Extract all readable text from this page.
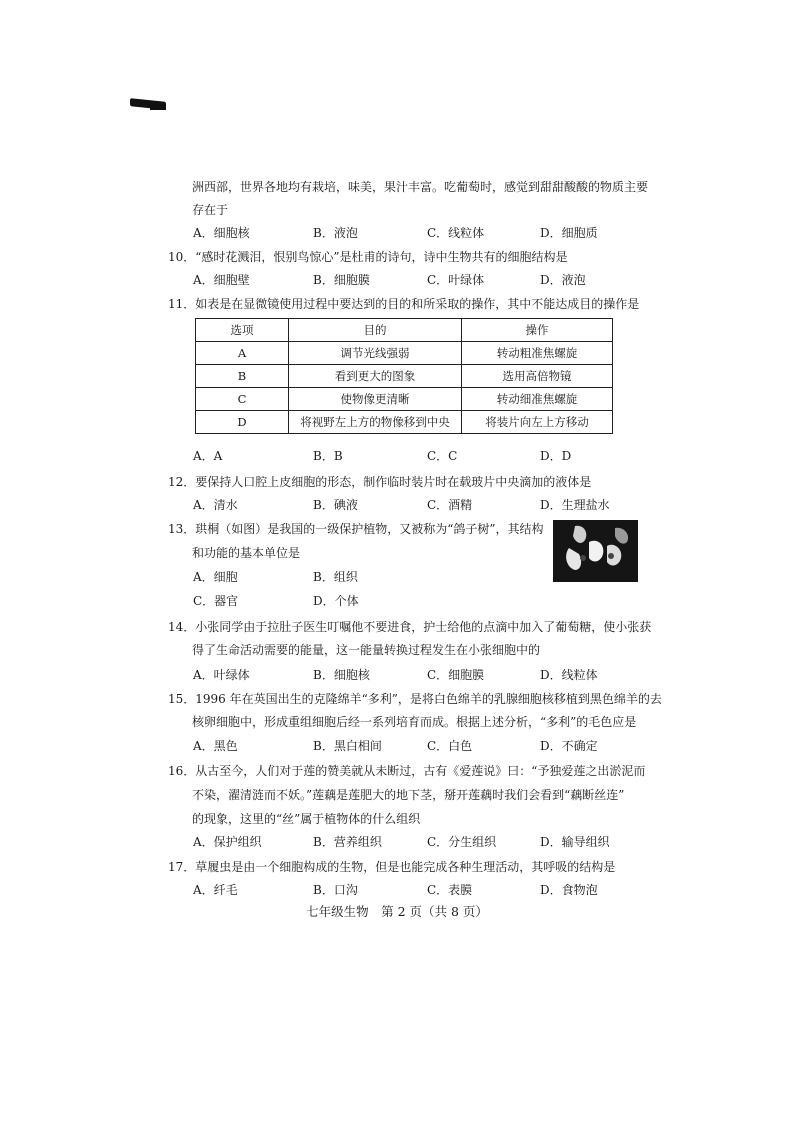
洲西部，世界各地均有栽培，味美，果汁丰富。吃葡萄时，感觉到甜甜酸酸的物质主要
存在于
A．细胞核	B．液泡	C．线粒体	D．细胞质
10．“感时花溅泪，恨别鸟惊心”是杜甫的诗句，诗中生物共有的细胞结构是
A．细胞壁	B．细胞膜	C．叶绿体	D．液泡
11．如表是在显微镜使用过程中要达到的目的和所采取的操作，其中不能达成目的操作是
选项	目的	操作
A	调节光线强弱	转动粗准焦螺旋
B	看到更大的图象	选用高倍物镜
C	使物像更清晰	转动细准焦螺旋
D	将视野左上方的物像移到中央	将装片向左上方移动
A．A	B．B	C．C	D．D
12．要保持人口腔上皮细胞的形态，制作临时装片时在载玻片中央滴加的液体是
A．清水	B．碘液	C．酒精	D．生理盐水
13．珙桐（如图）是我国的一级保护植物，又被称为“鸽子树”，其结构
和功能的基本单位是
A．细胞	B．组织
C．器官	D．个体
14．小张同学由于拉肚子医生叮嘱他不要进食，护士给他的点滴中加入了葡萄糖，使小张获
得了生命活动需要的能量，这一能量转换过程发生在小张细胞中的
A．叶绿体	B．细胞核	C．细胞膜	D．线粒体
15．1996 年在英国出生的克隆绵羊“多利”，是将白色绵羊的乳腺细胞核移植到黑色绵羊的去
核卵细胞中，形成重组细胞后经一系列培育而成。根据上述分析，“多利”的毛色应是
A．黑色	B．黑白相间	C．白色	D．不确定
16．从古至今，人们对于莲的赞美就从未断过，古有《爱莲说》曰：“予独爱莲之出淤泥而
不染，濯清涟而不妖。”莲藕是莲肥大的地下茎，掰开莲藕时我们会看到“藕断丝连”
的现象，这里的“丝”属于植物体的什么组织
A．保护组织	B．营养组织	C．分生组织	D．输导组织
17．草履虫是由一个细胞构成的生物，但是也能完成各种生理活动，其呼吸的结构是
A．纤毛	B．口沟	C．表膜	D．食物泡
七年级生物　第 2 页（共 8 页）
